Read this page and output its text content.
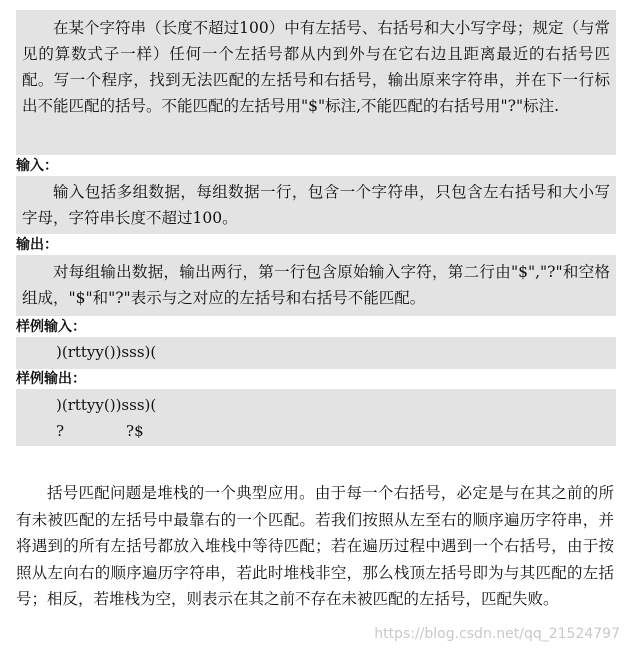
在某个字符串（长度不超过100）中有左括号、右括号和大小写字母；规定（与常见的算数式子一样）任何一个左括号都从内到外与在它右边且距离最近的右括号匹配。写一个程序，找到无法匹配的左括号和右括号，输出原来字符串，并在下一行标出不能匹配的括号。不能匹配的左括号用"$"标注,不能匹配的右括号用"?"标注.

输入：

输入包括多组数据，每组数据一行，包含一个字符串，只包含左右括号和大小写字母，字符串长度不超过100。

输出：

对每组输出数据，输出两行，第一行包含原始输入字符，第二行由"$","?"和空格组成，"$"和"?"表示与之对应的左括号和右括号不能匹配。

样例输入：
)(rttyy())sss)(
样例输出：
)(rttyy())sss)(
?             ?$

括号匹配问题是堆栈的一个典型应用。由于每一个右括号，必定是与在其之前的所有未被匹配的左括号中最靠右的一个匹配。若我们按照从左至右的顺序遍历字符串，并将遇到的所有左括号都放入堆栈中等待匹配；若在遍历过程中遇到一个右括号，由于按照从左向右的顺序遍历字符串，若此时堆栈非空，那么栈顶左括号即为与其匹配的左括号；相反，若堆栈为空，则表示在其之前不存在未被匹配的左括号，匹配失败。

https://blog.csdn.net/qq_21524797
